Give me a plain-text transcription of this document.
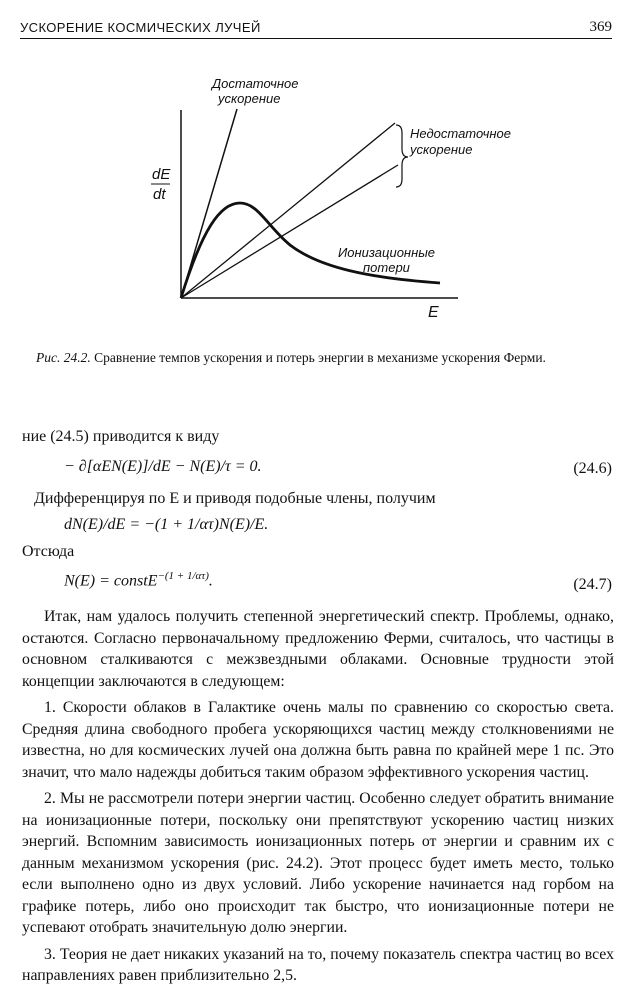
УСКОРЕНИЕ КОСМИЧЕСКИХ ЛУЧЕЙ	369
dE
dt
E
Достаточное
ускорение
Недостаточное
ускорение
Ионизационные
потери
Рис. 24.2. Сравнение темпов ускорения и потерь энергии в механизме ускорения Ферми.
ние (24.5) приводится к виду
− ∂[αEN(E)]/dE − N(E)/τ = 0.	(24.6)
Дифференцируя по E и приводя подобные члены, получим
dN(E)/dE = −(1 + 1/ατ)N(E)/E.
Отсюда
N(E) = constE$^{-(1 + 1/\alpha\tau)}$.	(24.7)

Итак, нам удалось получить степенной энергетический спектр. Проблемы, однако, остаются. Согласно первоначальному предложению Ферми, считалось, что частицы в основном сталкиваются с межзвездными облаками. Основные трудности этой концепции заключаются в следующем:

1. Скорости облаков в Галактике очень малы по сравнению со скоростью света. Средняя длина свободного пробега ускоряющихся частиц между столкновениями не известна, но для космических лучей она должна быть равна по крайней мере 1 пс. Это значит, что мало надежды добиться таким образом эффективного ускорения частиц.

2. Мы не рассмотрели потери энергии частиц. Особенно следует обратить внимание на ионизационные потери, поскольку они препятствуют ускорению частиц низких энергий. Вспомним зависимость ионизационных потерь от энергии и сравним их с данным механизмом ускорения (рис. 24.2). Этот процесс будет иметь место, только если выполнено одно из двух условий. Либо ускорение начинается над горбом на графике потерь, либо оно происходит так быстро, что ионизационные потери не успевают отобрать значительную долю энергии.

3. Теория не дает никаких указаний на то, почему показатель спектра частиц во всех направлениях равен приблизительно 2,5.
